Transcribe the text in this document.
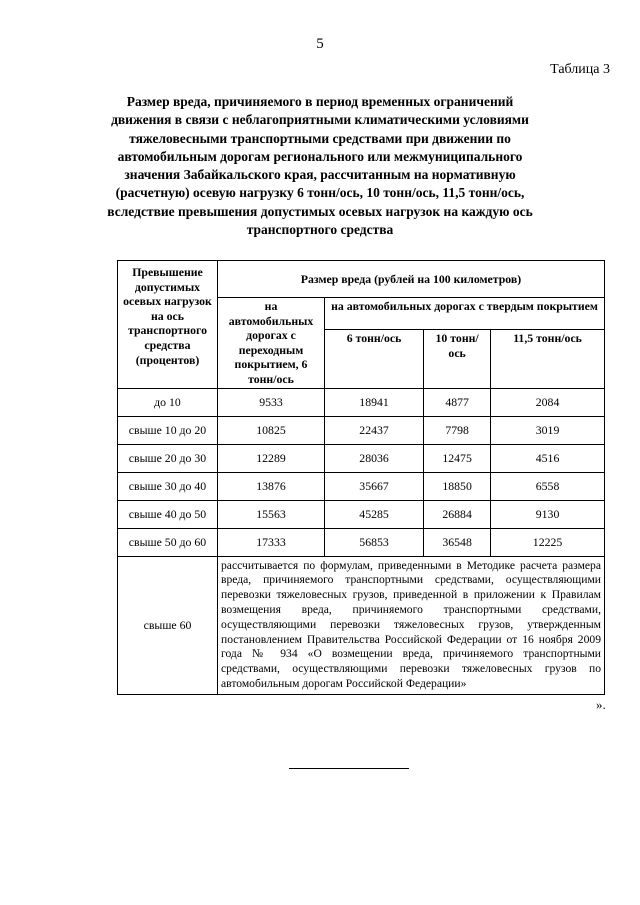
5
Таблица 3
Размер вреда, причиняемого в период временных ограничений движения в связи с неблагоприятными климатическими условиями тяжеловесными транспортными средствами при движении по автомобильным дорогам регионального или межмуниципального значения Забайкальского края, рассчитанным на нормативную (расчетную) осевую нагрузку 6 тонн/ось, 10 тонн/ось, 11,5 тонн/ось, вследствие превышения допустимых осевых нагрузок на каждую ось транспортного средства
Превышение допустимых осевых нагрузок на ось транспортного средства (процентов)	Размер вреда (рублей на 100 километров)			
	на автомобильных дорогах с переходным покрытием, 6 тонн/ось	на автомобильных дорогах с твердым покрытием		
		6 тонн/ось	10 тонн/ось	11,5 тонн/ось
до 10	9533	18941	4877	2084
свыше 10 до 20	10825	22437	7798	3019
свыше 20 до 30	12289	28036	12475	4516
свыше 30 до 40	13876	35667	18850	6558
свыше 40 до 50	15563	45285	26884	9130
свыше 50 до 60	17333	56853	36548	12225
свыше 60	рассчитывается по формулам, приведенными в Методике расчета размера вреда, причиняемого транспортными средствами, осуществляющими перевозки тяжеловесных грузов, приведенной в приложении к Правилам возмещения вреда, причиняемого транспортными средствами, осуществляющими перевозки тяжеловесных грузов, утвержденным постановлением Правительства Российской Федерации от 16 ноября 2009 года № 934 «О возмещении вреда, причиняемого транспортными средствами, осуществляющими перевозки тяжеловесных грузов по автомобильным дорогам Российской Федерации»			
».
